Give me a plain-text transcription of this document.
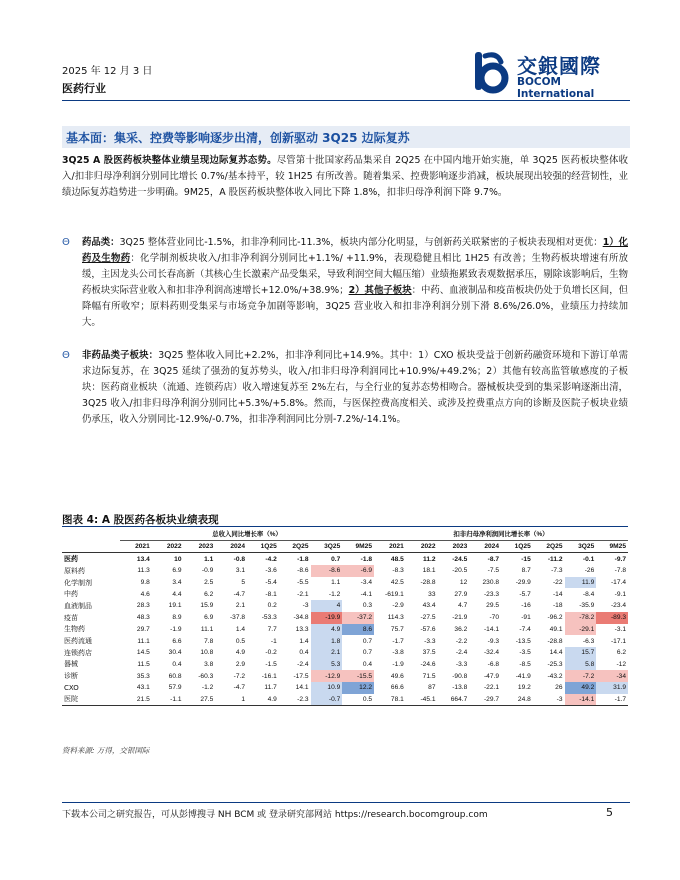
2025 年 12 月 3 日
医药行业
交銀國際
BOCOM International
基本面：集采、控费等影响逐步出清，创新驱动 3Q25 边际复苏
3Q25 A 股医药板块整体业绩呈现边际复苏态势。尽管第十批国家药品集采自 2Q25 在中国内地开始实施，单 3Q25 医药板块整体收入/扣非归母净利润分别同比增长 0.7%/基本持平，较 1H25 有所改善。随着集采、控费影响逐步消减，板块展现出较强的经营韧性，业绩边际复苏趋势进一步明确。9M25，A 股医药板块整体收入同比下降 1.8%，扣非归母净利润下降 9.7%。
Θ 药品类：3Q25 整体营业同比-1.5%，扣非净利同比-11.3%，板块内部分化明显，与创新药关联紧密的子板块表现相对更优：1）化药及生物药：化学制剂板块收入/扣非净利润分别同比+1.1%/ +11.9%，表现稳健且相比 1H25 有改善；生物药板块增速有所放缓，主因龙头公司长春高新（其核心生长激素产品受集采，导致利润空间大幅压缩）业绩拖累致表观数据承压，剔除该影响后，生物药板块实际营业收入和扣非净利润高速增长+12.0%/+38.9%；2）其他子板块：中药、血液制品和疫苗板块仍处于负增长区间，但降幅有所收窄；原料药则受集采与市场竞争加剧等影响，3Q25 营业收入和扣非净利润分别下滑 8.6%/26.0%，业绩压力持续加大。
Θ 非药品类子板块：3Q25 整体收入同比+2.2%，扣非净利同比+14.9%。其中：1）CXO 板块受益于创新药融资环境和下游订单需求边际复苏，在 3Q25 延续了强劲的复苏势头，收入/扣非归母净利润同比+10.9%/+49.2%；2）其他有较高监管敏感度的子板块：医药商业板块（流通、连锁药店）收入增速复苏至 2%左右，与全行业的复苏态势相吻合。器械板块受到的集采影响逐渐出清，3Q25 收入/扣非归母净利润分别同比+5.3%/+5.8%。然而，与医保控费高度相关、或涉及控费重点方向的诊断及医院子板块业绩仍承压，收入分别同比-12.9%/-0.7%，扣非净利润同比分别-7.2%/-14.1%。
图表 4: A 股医药各板块业绩表现
	总收入同比增长率（%）								扣非归母净利润同比增长率（%）							
	2021	2022	2023	2024	1Q25	2Q25	3Q25	9M25	2021	2022	2023	2024	1Q25	2Q25	3Q25	9M25
医药	13.4	10	1.1	-0.8	-4.2	-1.8	0.7	-1.8	48.5	11.2	-24.5	-8.7	-15	-11.2	-0.1	-9.7
原料药	11.3	6.9	-0.9	3.1	-3.6	-8.6	-8.6	-6.9	-8.3	18.1	-20.5	-7.5	8.7	-7.3	-26	-7.8
化学制剂	9.8	3.4	2.5	5	-5.4	-5.5	1.1	-3.4	42.5	-28.8	12	230.8	-29.9	-22	11.9	-17.4
中药	4.6	4.4	6.2	-4.7	-8.1	-2.1	-1.2	-4.1	-619.1	33	27.9	-23.3	-5.7	-14	-8.4	-9.1
血液制品	28.3	19.1	15.9	2.1	0.2	-3	4	0.3	-2.9	43.4	4.7	29.5	-16	-18	-35.9	-23.4
疫苗	48.3	8.9	6.9	-37.8	-53.3	-34.8	-19.9	-37.2	114.3	-27.5	-21.9	-70	-91	-96.2	-78.2	-89.3
生物药	29.7	-1.9	11.1	1.4	7.7	13.3	4.9	8.6	75.7	-57.6	36.2	-14.1	-7.4	49.1	-29.1	-3.1
医药流通	11.1	6.6	7.8	0.5	-1	1.4	1.8	0.7	-1.7	-3.3	-2.2	-9.3	-13.5	-28.8	-6.3	-17.1
连锁药店	14.5	30.4	10.8	4.9	-0.2	0.4	2.1	0.7	-3.8	37.5	-2.4	-32.4	-3.5	14.4	15.7	6.2
器械	11.5	0.4	3.8	2.9	-1.5	-2.4	5.3	0.4	-1.9	-24.6	-3.3	-6.8	-8.5	-25.3	5.8	-12
诊断	35.3	60.8	-60.3	-7.2	-16.1	-17.5	-12.9	-15.5	49.6	71.5	-90.8	-47.9	-41.9	-43.2	-7.2	-34
CXO	43.1	57.9	-1.2	-4.7	11.7	14.1	10.9	12.2	66.6	87	-13.8	-22.1	19.2	26	49.2	31.9
医院	21.5	-1.1	27.5	1	4.9	-2.3	-0.7	0.5	78.1	-45.1	664.7	-29.7	24.8	-3	-14.1	-1.7
资料来源: 万得，交银国际
下载本公司之研究报告，可从彭博搜寻 NH BCM 或 登录研究部网站 https://research.bocomgroup.com	5
